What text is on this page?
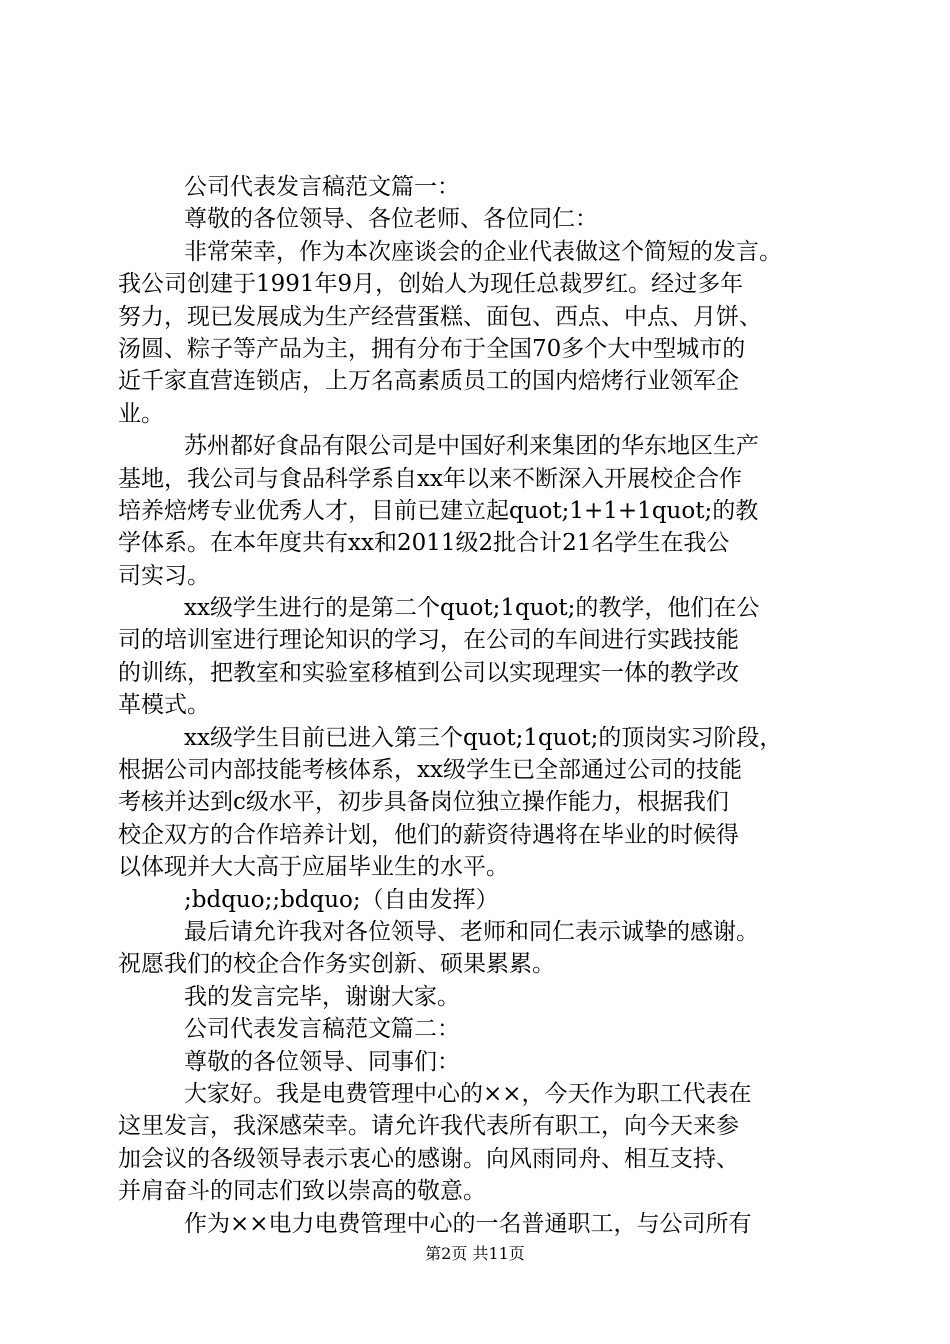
公司代表发言稿范文篇一：
尊敬的各位领导、各位老师、各位同仁：
非常荣幸，作为本次座谈会的企业代表做这个简短的发言。
我公司创建于1991年9月，创始人为现任总裁罗红。经过多年
努力，现已发展成为生产经营蛋糕、面包、西点、中点、月饼、
汤圆、粽子等产品为主，拥有分布于全国70多个大中型城市的
近千家直营连锁店，上万名高素质员工的国内焙烤行业领军企
业。
苏州都好食品有限公司是中国好利来集团的华东地区生产
基地，我公司与食品科学系自xx年以来不断深入开展校企合作
培养焙烤专业优秀人才，目前已建立起quot;1+1+1quot;的教
学体系。在本年度共有xx和2011级2批合计21名学生在我公
司实习。
xx级学生进行的是第二个quot;1quot;的教学，他们在公
司的培训室进行理论知识的学习，在公司的车间进行实践技能
的训练，把教室和实验室移植到公司以实现理实一体的教学改
革模式。
xx级学生目前已进入第三个quot;1quot;的顶岗实习阶段，
根据公司内部技能考核体系，xx级学生已全部通过公司的技能
考核并达到c级水平，初步具备岗位独立操作能力，根据我们
校企双方的合作培养计划，他们的薪资待遇将在毕业的时候得
以体现并大大高于应届毕业生的水平。
;bdquo;;bdquo;（自由发挥）
最后请允许我对各位领导、老师和同仁表示诚挚的感谢。
祝愿我们的校企合作务实创新、硕果累累。
我的发言完毕，谢谢大家。
公司代表发言稿范文篇二：
尊敬的各位领导、同事们：
大家好。我是电费管理中心的××，今天作为职工代表在
这里发言，我深感荣幸。请允许我代表所有职工，向今天来参
加会议的各级领导表示衷心的感谢。向风雨同舟、相互支持、
并肩奋斗的同志们致以崇高的敬意。
作为××电力电费管理中心的一名普通职工，与公司所有
第2页 共11页
